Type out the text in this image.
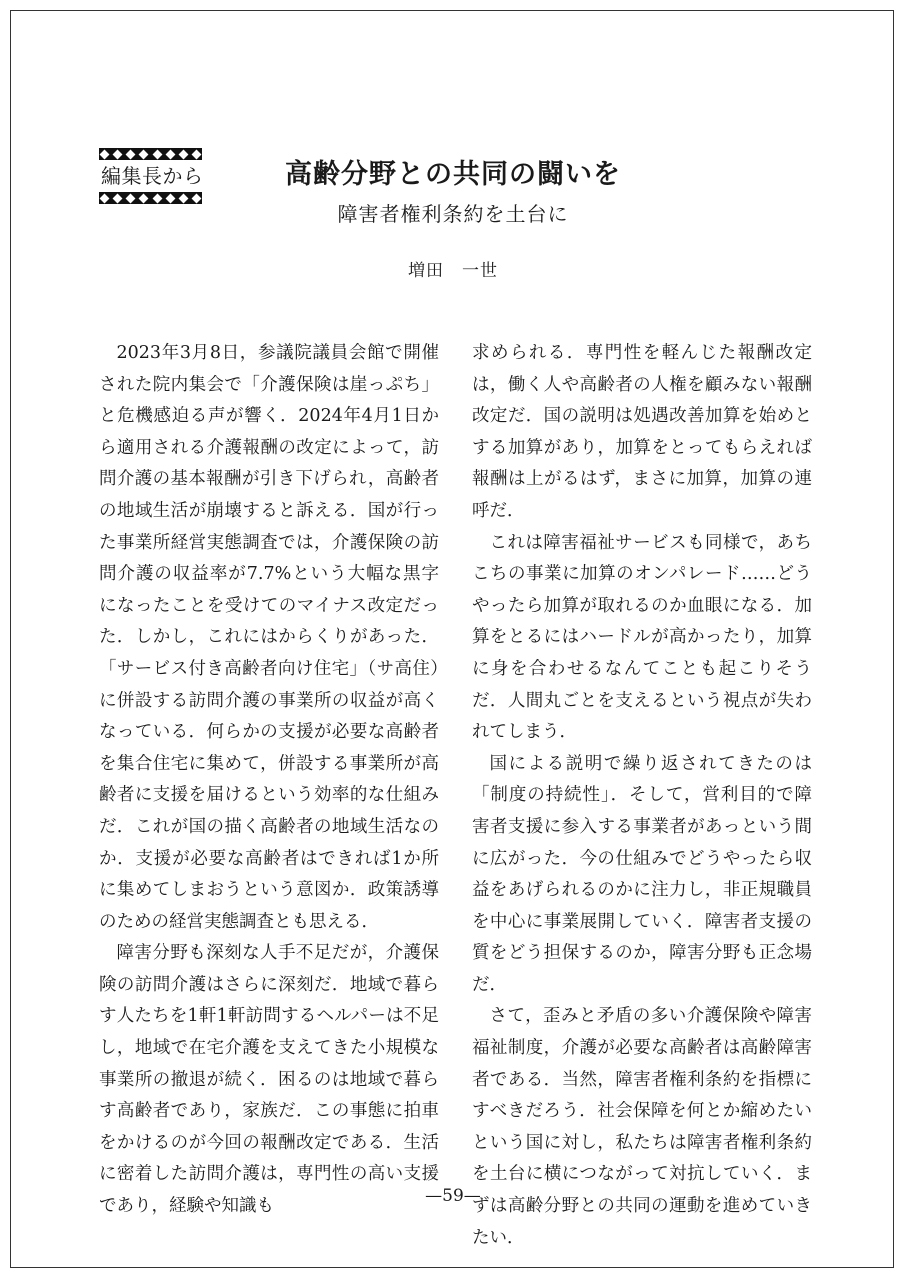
編集長から	高齢分野との共同の闘いを
障害者権利条約を土台に
増田　一世

2023年3月8日，参議院議員会館で開催された院内集会で「介護保険は崖っぷち」と危機感迫る声が響く．2024年4月1日から適用される介護報酬の改定によって，訪問介護の基本報酬が引き下げられ，高齢者の地域生活が崩壊すると訴える．国が行った事業所経営実態調査では，介護保険の訪問介護の収益率が7.7%という大幅な黒字になったことを受けてのマイナス改定だった．しかし，これにはからくりがあった．「サービス付き高齢者向け住宅」（サ高住）に併設する訪問介護の事業所の収益が高くなっている．何らかの支援が必要な高齢者を集合住宅に集めて，併設する事業所が高齢者に支援を届けるという効率的な仕組みだ．これが国の描く高齢者の地域生活なのか．支援が必要な高齢者はできれば1か所に集めてしまおうという意図か．政策誘導のための経営実態調査とも思える．

障害分野も深刻な人手不足だが，介護保険の訪問介護はさらに深刻だ．地域で暮らす人たちを1軒1軒訪問するヘルパーは不足し，地域で在宅介護を支えてきた小規模な事業所の撤退が続く．困るのは地域で暮らす高齢者であり，家族だ．この事態に拍車をかけるのが今回の報酬改定である．生活に密着した訪問介護は，専門性の高い支援であり，経験や知識も

求められる．専門性を軽んじた報酬改定は，働く人や高齢者の人権を顧みない報酬改定だ．国の説明は処遇改善加算を始めとする加算があり，加算をとってもらえれば報酬は上がるはず，まさに加算，加算の連呼だ．

これは障害福祉サービスも同様で，あちこちの事業に加算のオンパレード……どうやったら加算が取れるのか血眼になる．加算をとるにはハードルが高かったり，加算に身を合わせるなんてことも起こりそうだ．人間丸ごとを支えるという視点が失われてしまう．

国による説明で繰り返されてきたのは「制度の持続性」．そして，営利目的で障害者支援に参入する事業者があっという間に広がった．今の仕組みでどうやったら収益をあげられるのかに注力し，非正規職員を中心に事業展開していく．障害者支援の質をどう担保するのか，障害分野も正念場だ．

さて，歪みと矛盾の多い介護保険や障害福祉制度，介護が必要な高齢者は高齢障害者である．当然，障害者権利条約を指標にすべきだろう．社会保障を何とか縮めたいという国に対し，私たちは障害者権利条約を土台に横につながって対抗していく．まずは高齢分野との共同の運動を進めていきたい．

—59—
